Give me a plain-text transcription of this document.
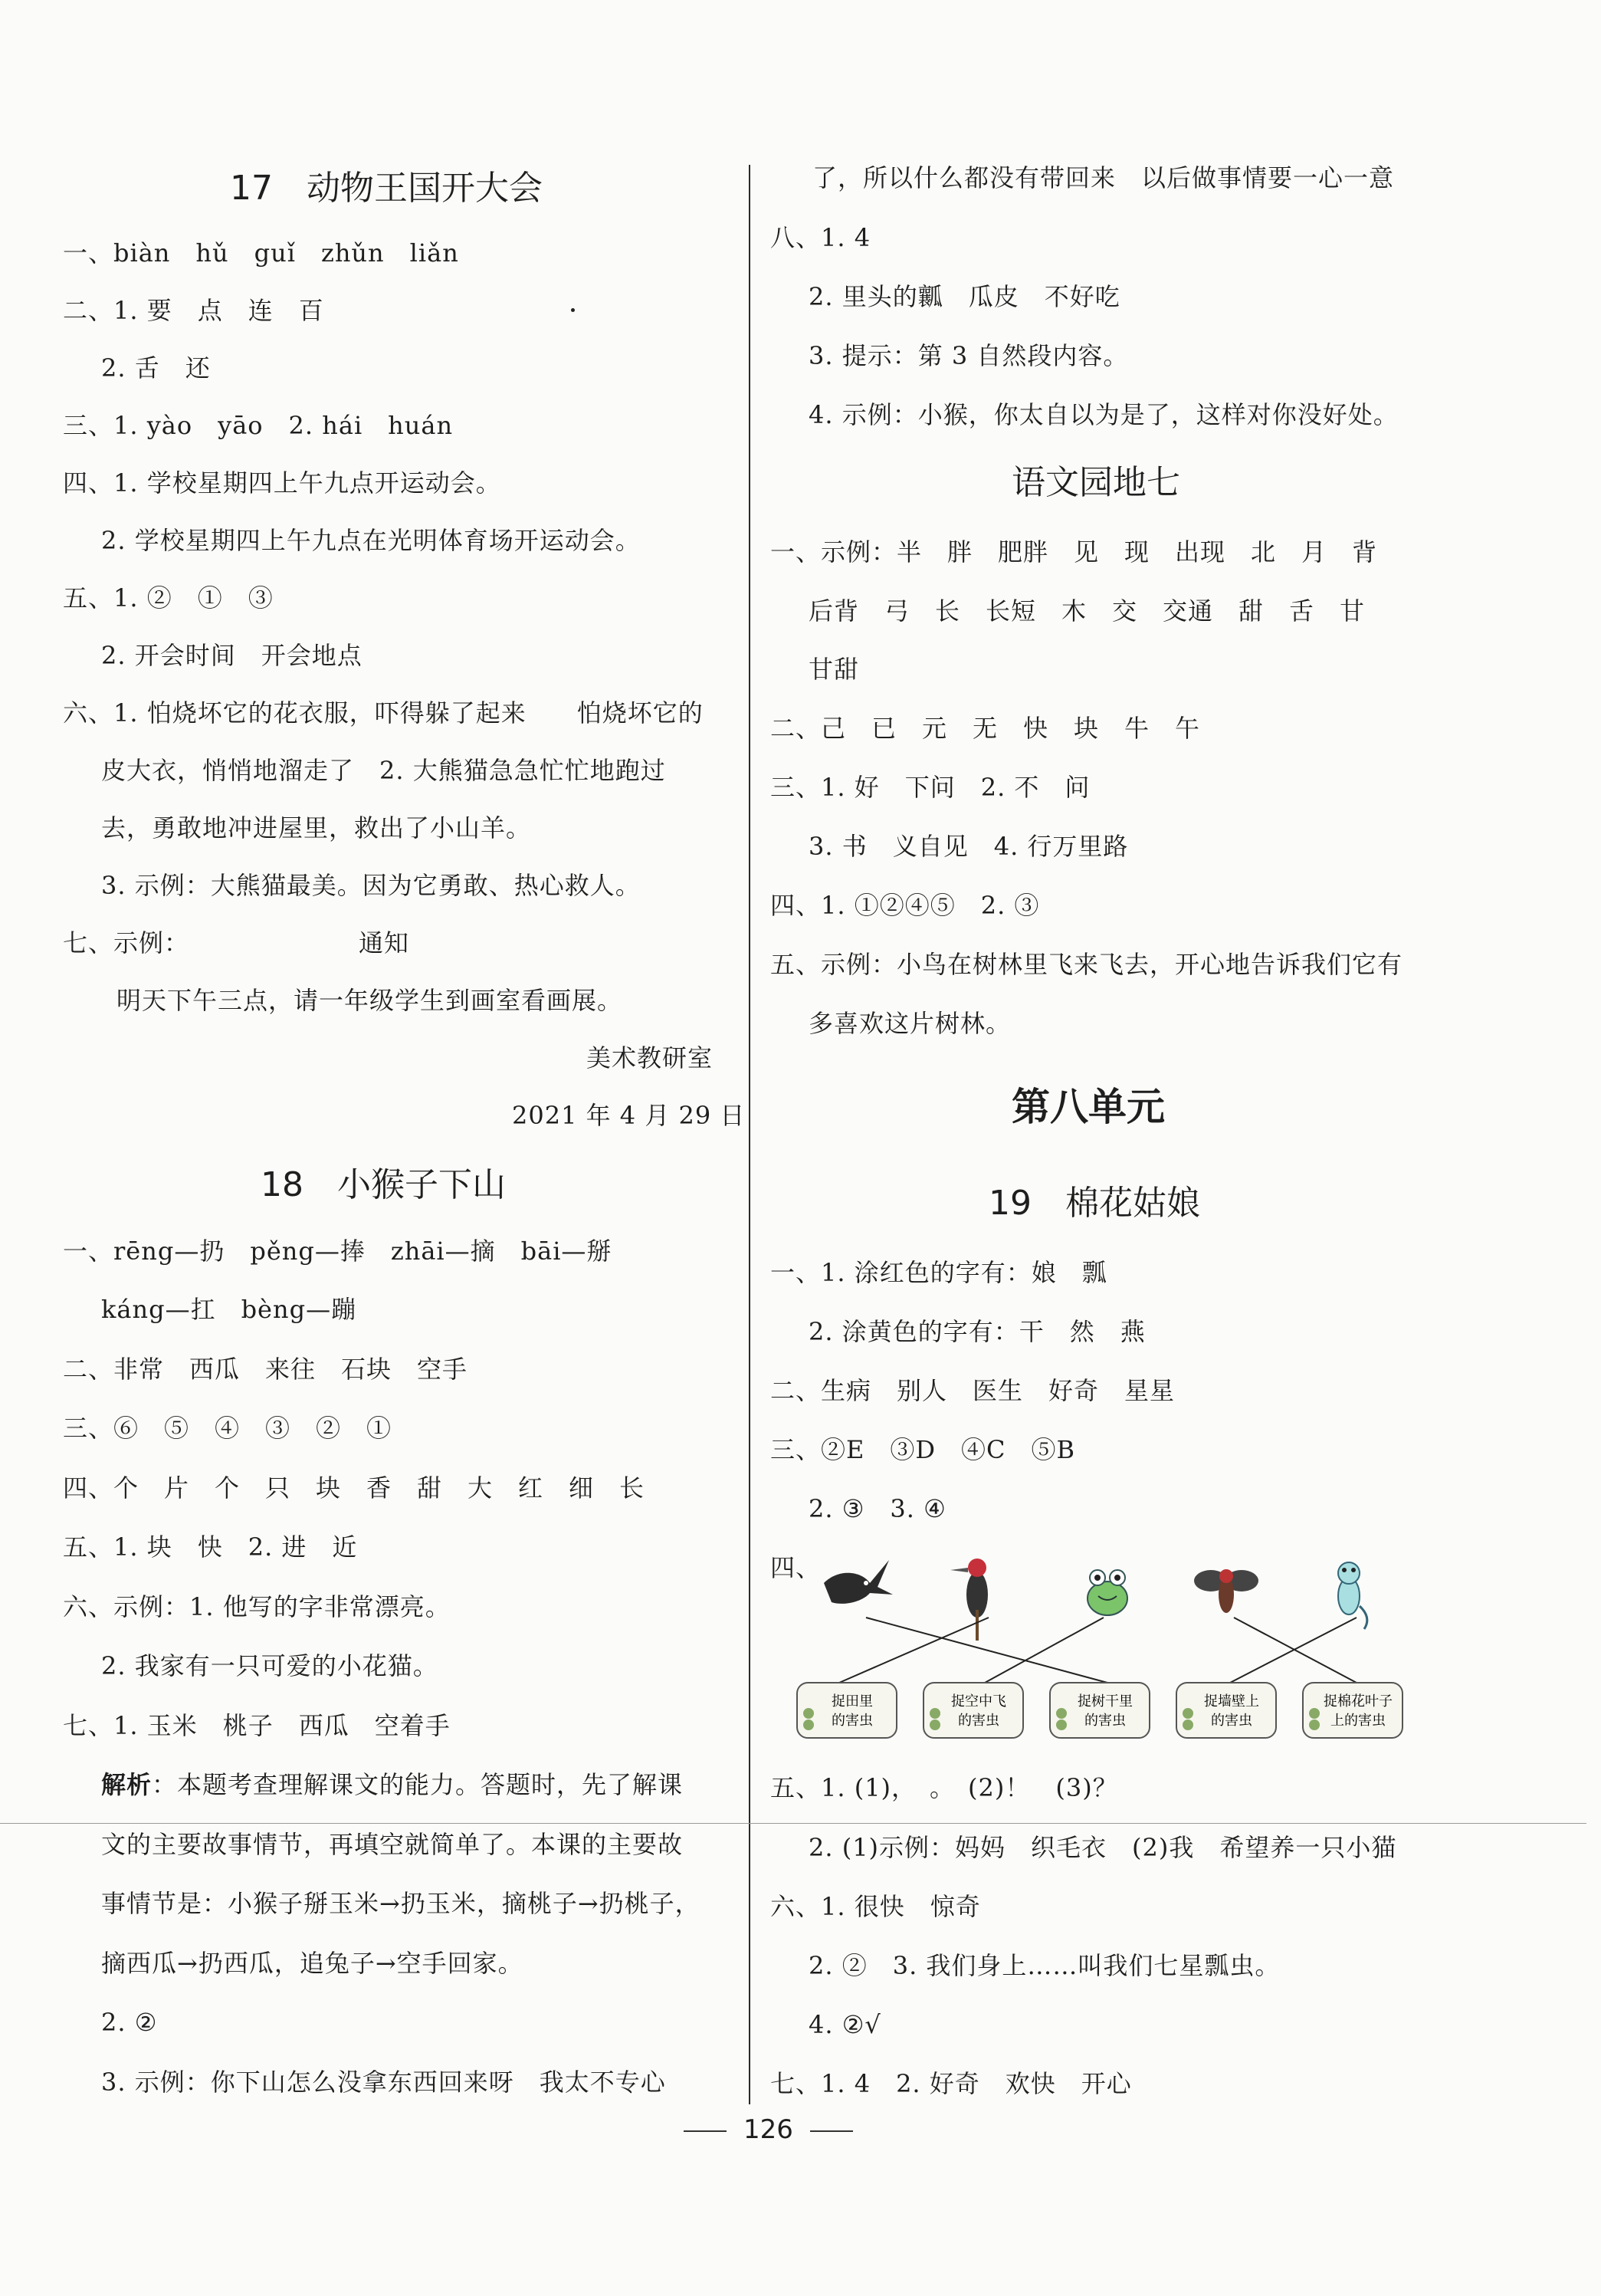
17　动物王国开大会
一、biàn　hǔ　guǐ　zhǔn　liǎn
二、1. 要　点　连　百
2. 舌　还
三、1. yào　yāo　2. hái　huán
四、1. 学校星期四上午九点开运动会。
2. 学校星期四上午九点在光明体育场开运动会。
五、1. ②　①　③
2. 开会时间　开会地点
六、1. 怕烧坏它的花衣服，吓得躲了起来　　怕烧坏它的
皮大衣，悄悄地溜走了　2. 大熊猫急急忙忙地跑过
去，勇敢地冲进屋里，救出了小山羊。
3. 示例：大熊猫最美。因为它勇敢、热心救人。
七、示例：	通知
明天下午三点，请一年级学生到画室看画展。
美术教研室
2021 年 4 月 29 日
18　小猴子下山
一、rēng—扔　pěng—捧　zhāi—摘　bāi—掰
káng—扛　bèng—蹦
二、非常　西瓜　来往　石块　空手
三、⑥　⑤　④　③　②　①
四、个　片　个　只　块　香　甜　大　红　细　长
五、1. 块　快　2. 进　近
六、示例：1. 他写的字非常漂亮。
2. 我家有一只可爱的小花猫。
七、1. 玉米　桃子　西瓜　空着手
解析：本题考查理解课文的能力。答题时，先了解课
文的主要故事情节，再填空就简单了。本课的主要故
事情节是：小猴子掰玉米→扔玉米，摘桃子→扔桃子，
摘西瓜→扔西瓜，追兔子→空手回家。
2. ②
3. 示例：你下山怎么没拿东西回来呀　我太不专心
了，所以什么都没有带回来　以后做事情要一心一意
八、1. 4
2. 里头的瓤　瓜皮　不好吃
3. 提示：第 3 自然段内容。
4. 示例：小猴，你太自以为是了，这样对你没好处。
语文园地七
一、示例：半　胖　肥胖　见　现　出现　北　月　背
后背　弓　长　长短　木　交　交通　甜　舌　甘
甘甜
二、己　已　元　无　快　块　牛　午
三、1. 好　下问　2. 不　问
3. 书　义自见　4. 行万里路
四、1. ①②④⑤　2. ③
五、示例：小鸟在树林里飞来飞去，开心地告诉我们它有
多喜欢这片树林。
第八单元
19　棉花姑娘
一、1. 涂红色的字有：娘　瓢
2. 涂黄色的字有：干　然　燕
二、生病　别人　医生　好奇　星星
三、②E　③D　④C　⑤B
2. ③　3. ④
四、
五、1. (1)，　。　(2)！　(3)？
2. (1)示例：妈妈　织毛衣　(2)我　希望养一只小猫
六、1. 很快　惊奇
2. ②　3. 我们身上……叫我们七星瓢虫。
4. ②√
七、1. 4　2. 好奇　欢快　开心
捉田里
的害虫
捉空中飞
的害虫
捉树干里
的害虫
捉墙壁上
的害虫
捉棉花叶子
上的害虫
126
